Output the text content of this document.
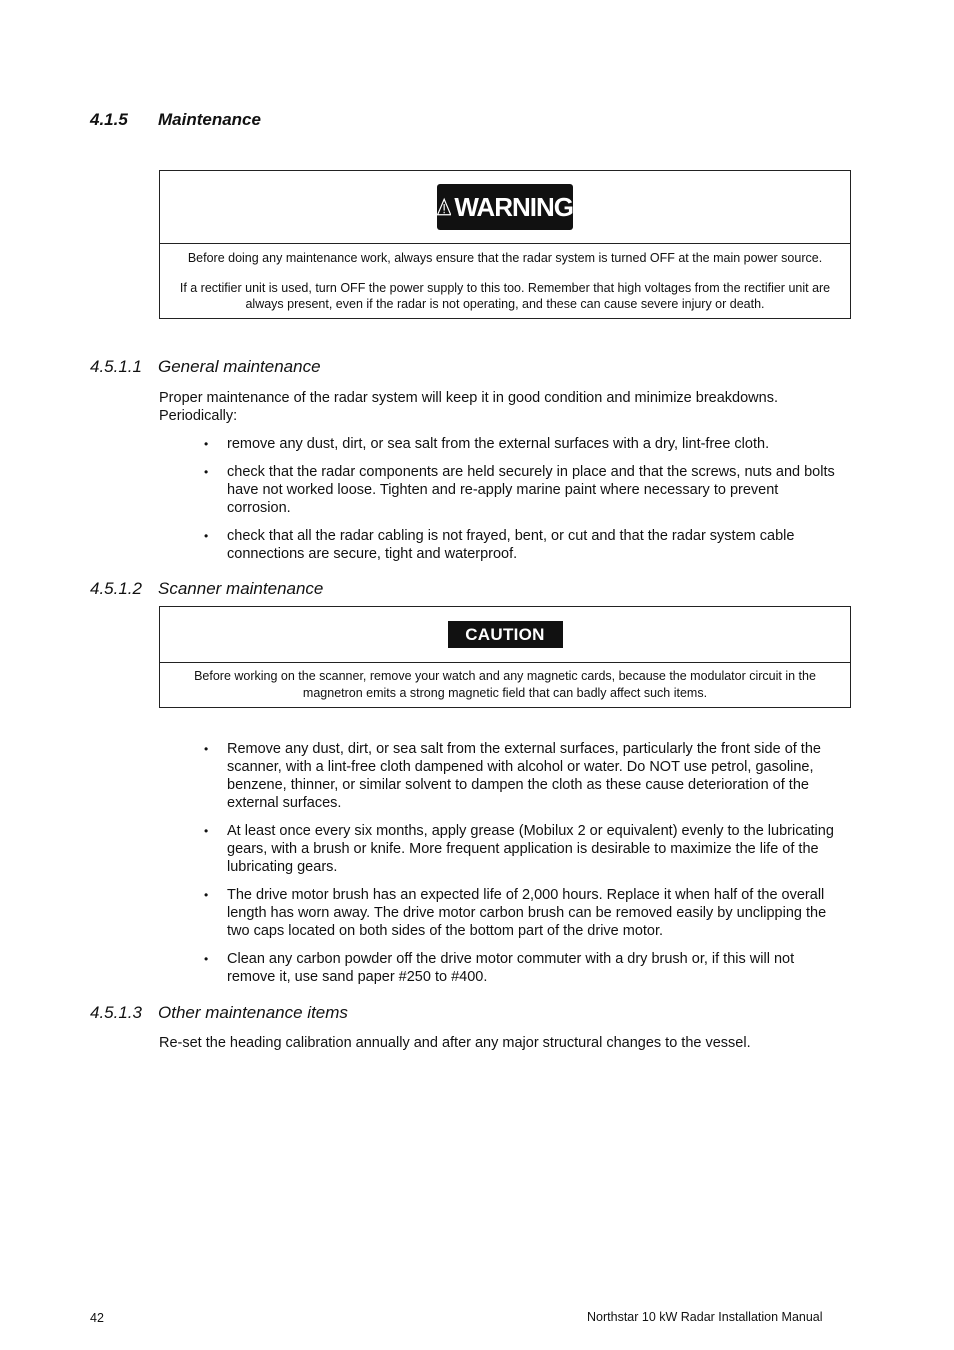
4.1.5 Maintenance
WARNING
Before doing any maintenance work, always ensure that the radar system is turned OFF at the main power source.
If a rectifier unit is used, turn OFF the power supply to this too. Remember that high voltages from the rectifier unit are always present, even if the radar is not operating, and these can cause severe injury or death.
4.5.1.1 General maintenance
Proper maintenance of the radar system will keep it in good condition and minimize breakdowns. Periodically:
• remove any dust, dirt, or sea salt from the external surfaces with a dry, lint-free cloth.
• check that the radar components are held securely in place and that the screws, nuts and bolts have not worked loose. Tighten and re-apply marine paint where necessary to prevent corrosion.
• check that all the radar cabling is not frayed, bent, or cut and that the radar system cable connections are secure, tight and waterproof.
4.5.1.2 Scanner maintenance
CAUTION
Before working on the scanner, remove your watch and any magnetic cards, because the modulator circuit in the magnetron emits a strong magnetic field that can badly affect such items.
• Remove any dust, dirt, or sea salt from the external surfaces, particularly the front side of the scanner, with a lint-free cloth dampened with alcohol or water. Do NOT use petrol, gasoline, benzene, thinner, or similar solvent to dampen the cloth as these cause deterioration of the external surfaces.
• At least once every six months, apply grease (Mobilux 2 or equivalent) evenly to the lubricating gears, with a brush or knife. More frequent application is desirable to maximize the life of the lubricating gears.
• The drive motor brush has an expected life of 2,000 hours. Replace it when half of the overall length has worn away. The drive motor carbon brush can be removed easily by unclipping the two caps located on both sides of the bottom part of the drive motor.
• Clean any carbon powder off the drive motor commuter with a dry brush or, if this will not remove it, use sand paper #250 to #400.
4.5.1.3 Other maintenance items
Re-set the heading calibration annually and after any major structural changes to the vessel.
42	Northstar 10 kW Radar Installation Manual
